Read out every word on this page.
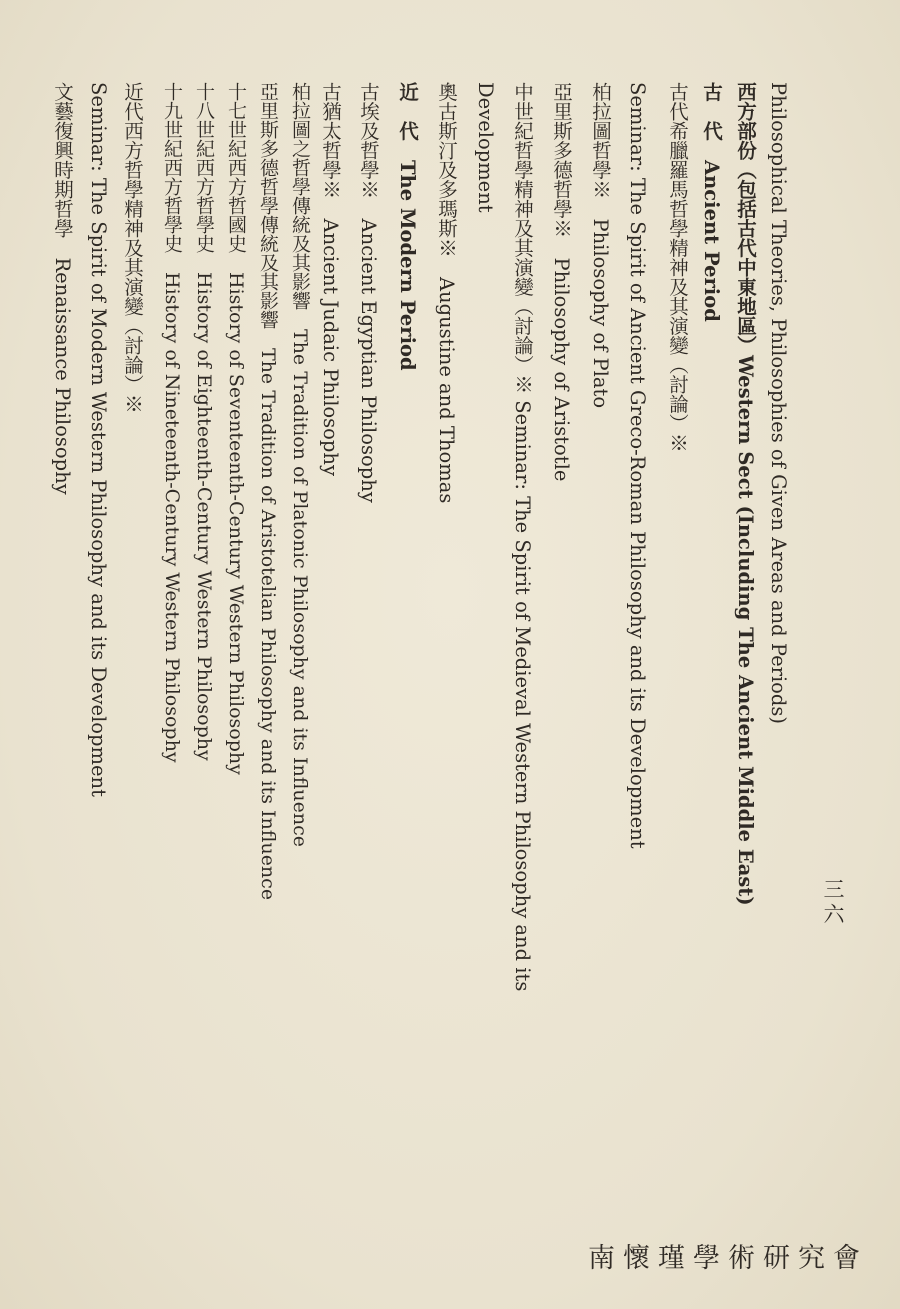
Philosophical Theories, Philosophies of Given Areas and Periods)
西方部份（包括古代中東地區）Western Sect (Including The Ancient Middle East)
古　代　Ancient Period
古代希臘羅馬哲學精神及其演變（討論）※
Seminar: The Spirit of Ancient Greco-Roman Philosophy and its Development
柏拉圖哲學※　Philosophy of Plato
亞里斯多德哲學※　Philosophy of Aristotle
中世紀哲學精神及其演變（討論）※ Seminar: The Spirit of Medieval Western Philosophy and its
Development
奧古斯汀及多瑪斯※　Augustine and Thomas
近　代　The Modern Period
古埃及哲學※　Ancient Egyptian Philosophy
古猶太哲學※　Ancient Judaic Philosophy
柏拉圖之哲學傳統及其影響　The Tradition of Platonic Philosophy and its Influence
亞里斯多德哲學傳統及其影響　The Tradition of Aristotelian Philosophy and its Influence
十七世紀西方哲國史　History of Seventeenth-Century Western Philosophy
十八世紀西方哲學史　History of Eighteenth-Century Western Philosophy
十九世紀西方哲學史　History of Nineteenth-Century Western Philosophy
近代西方哲學精神及其演變（討論）※
Seminar: The Spirit of Modern Western Philosophy and its Development
文藝復興時期哲學　Renaissance Philosophy
三六
南懷瑾學術研究會
